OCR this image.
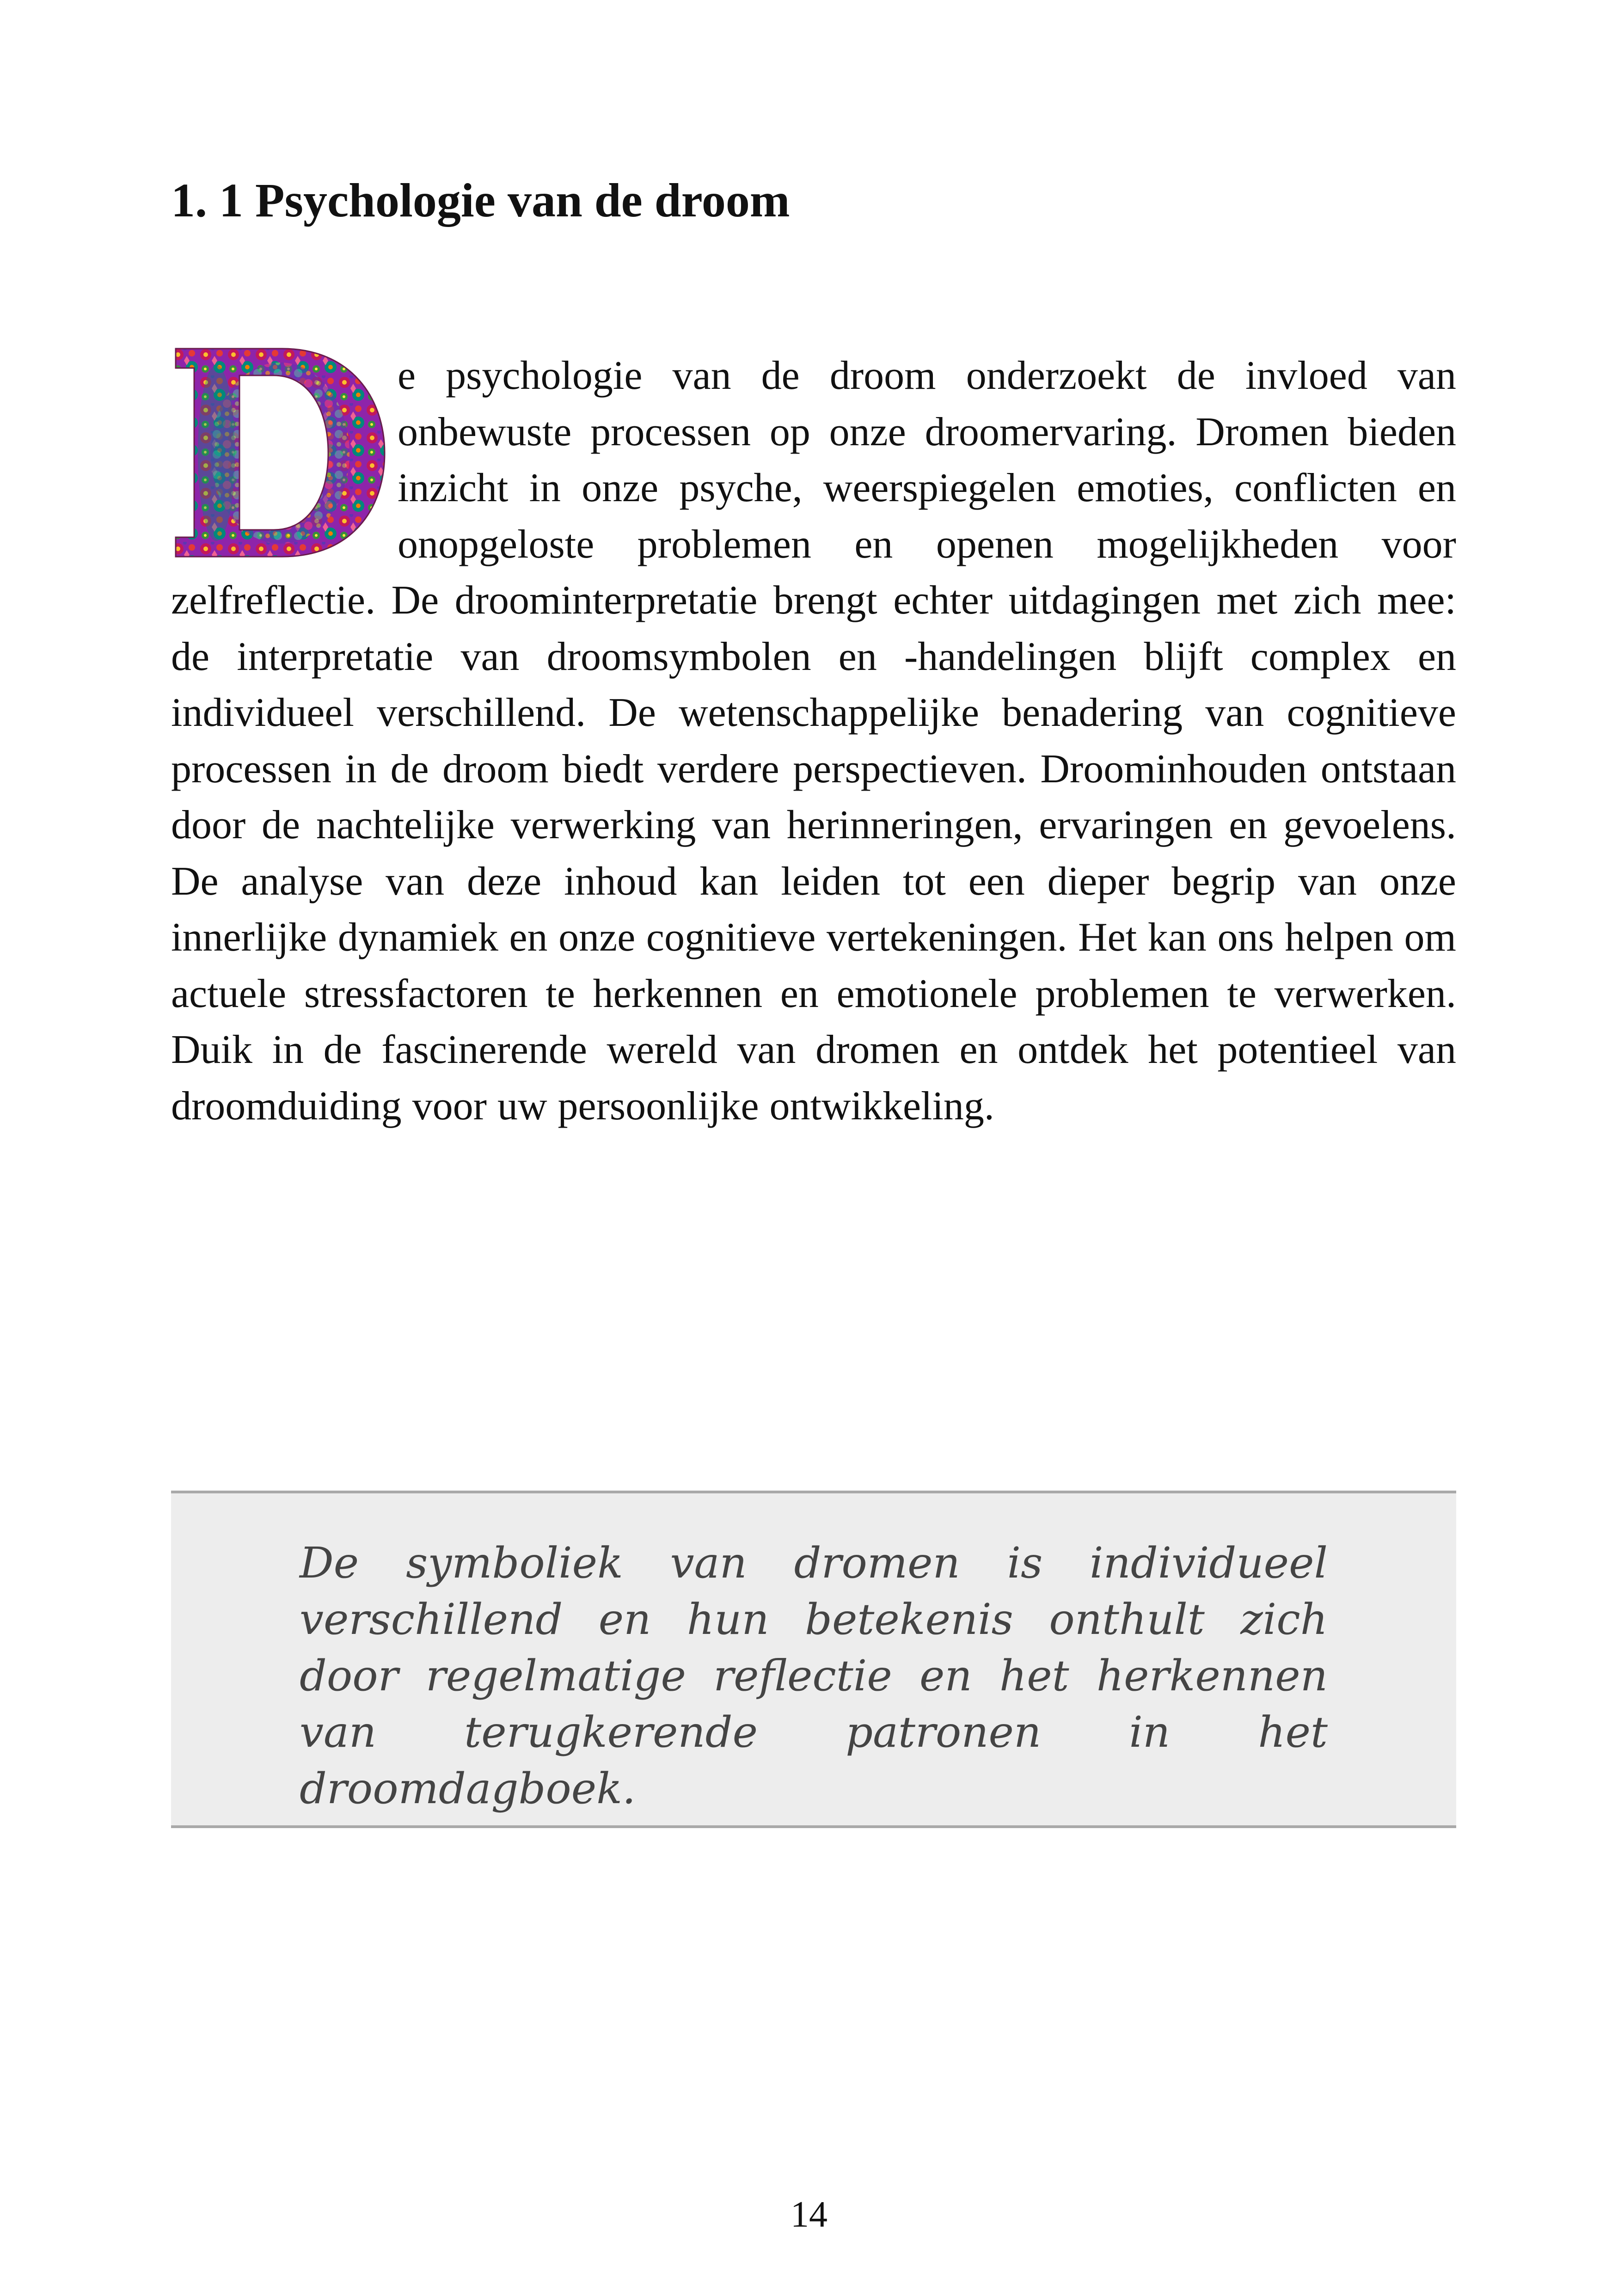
1. 1 Psychologie van de droom

e psychologie van de droom onderzoekt de invloed van onbewuste processen op onze droomervaring. Dromen bieden inzicht in onze psyche, weerspiegelen emoties, conflicten en onopgeloste problemen en openen mogelijkheden voor zelfreflectie. De droominterpretatie brengt echter uitdagingen met zich mee: de interpretatie van droomsymbolen en -handelingen blijft complex en individueel verschillend. De wetenschappelijke benadering van cognitieve processen in de droom biedt verdere perspectieven. Droominhouden ontstaan door de nachtelijke verwerking van herinneringen, ervaringen en gevoelens. De analyse van deze inhoud kan leiden tot een dieper begrip van onze innerlijke dynamiek en onze cognitieve vertekeningen. Het kan ons helpen om actuele stressfactoren te herkennen en emotionele problemen te verwerken. Duik in de fascinerende wereld van dromen en ontdek het potentieel van droomduiding voor uw persoonlijke ontwikkeling.

De symboliek van dromen is individueel verschillend en hun betekenis onthult zich door regelmatige reflectie en het herkennen van terugkerende patronen in het droomdagboek.

14
